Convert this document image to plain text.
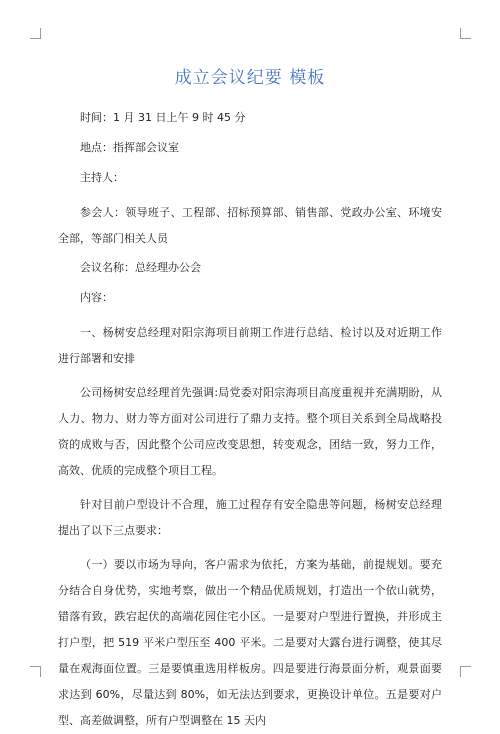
成立会议纪要 模板

时间：1 月 31 日上午 9 时 45 分

地点：指挥部会议室

主持人：

参会人：领导班子、工程部、招标预算部、销售部、党政办公室、环境安全部，等部门相关人员

会议名称：总经理办公会

内容：

一、杨树安总经理对阳宗海项目前期工作进行总结、检讨以及对近期工作进行部署和安排

公司杨树安总经理首先强调:局党委对阳宗海项目高度重视并充满期盼，从人力、物力、财力等方面对公司进行了鼎力支持。整个项目关系到全局战略投资的成败与否，因此整个公司应改变思想，转变观念，团结一致，努力工作，高效、优质的完成整个项目工程。

针对目前户型设计不合理，施工过程存有安全隐患等问题，杨树安总经理提出了以下三点要求：

（一）要以市场为导向，客户需求为依托，方案为基础，前提规划。要充分结合自身优势，实地考察，做出一个精品优质规划，打造出一个依山就势，错落有致，跌宕起伏的高端花园住宅小区。一是要对户型进行置换，并形成主打户型，把 519 平米户型压至 400 平米。二是要对大露台进行调整，使其尽量在观海面位置。三是要慎重选用样板房。四是要进行海景面分析，观景面要求达到 60%，尽量达到 80%，如无法达到要求，更换设计单位。五是要对户型、高差做调整，所有户型调整在 15 天内
